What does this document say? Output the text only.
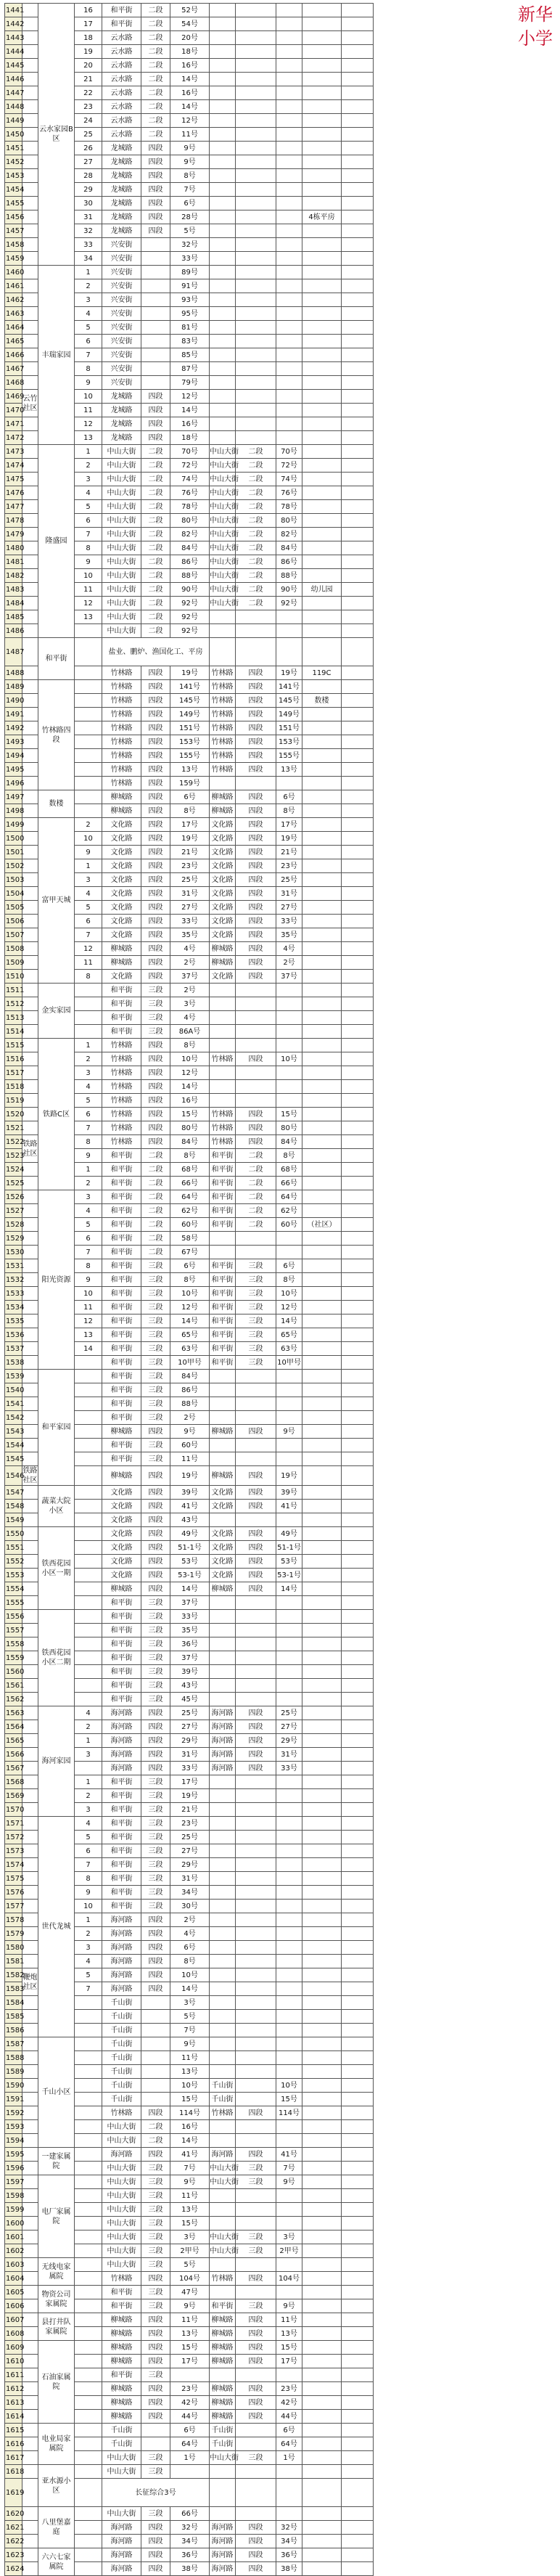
新华
小学
1441		云水家园B区	16	和平街	二段	52号					
1442			17	和平街	二段	54号					
1443			18	云水路	二段	20号					
1444			19	云水路	二段	18号					
1445			20	云水路	二段	16号					
1446			21	云水路	二段	14号					
1447			22	云水路	二段	16号					
1448			23	云水路	二段	14号					
1449			24	云水路	二段	12号					
1450			25	云水路	二段	11号					
1451			26	龙城路	四段	9号					
1452			27	龙城路	四段	9号					
1453			28	龙城路	四段	8号					
1454			29	龙城路	四段	7号					
1455			30	龙城路	四段	6号					
1456			31	龙城路	四段	28号				4栋平房	
1457			32	龙城路	四段	5号					
1458			33	兴安街		32号					
1459			34	兴安街		33号					
1460		丰瑞家园	1	兴安街		89号					
1461			2	兴安街		91号					
1462			3	兴安街		93号					
1463			4	兴安街		95号					
1464			5	兴安街		81号					
1465			6	兴安街		83号					
1466			7	兴安街		85号					
1467			8	兴安街		87号					
1468			9	兴安街		79号					
1469	云竹社区		10	龙城路	四段	12号					
1470			11	龙城路	四段	14号					
1471			12	龙城路	四段	16号					
1472			13	龙城路	四段	18号					
1473		隆盛园	1	中山大街	二段	70号	中山大街	二段	70号		
1474			2	中山大街	二段	72号	中山大街	二段	72号		
1475			3	中山大街	二段	74号	中山大街	二段	74号		
1476			4	中山大街	二段	76号	中山大街	二段	76号		
1477			5	中山大街	二段	78号	中山大街	二段	78号		
1478			6	中山大街	二段	80号	中山大街	二段	80号		
1479			7	中山大街	二段	82号	中山大街	二段	82号		
1480			8	中山大街	二段	84号	中山大街	二段	84号		
1481			9	中山大街	二段	86号	中山大街	二段	86号		
1482			10	中山大街	二段	88号	中山大街	二段	88号		
1483			11	中山大街	二段	90号	中山大街	二段	90号	幼儿园	
1484			12	中山大街	二段	92号	中山大街	二段	92号		
1485			13	中山大街	二段	92号					
1486				中山大街	二段	92号					
1487		和平街		盐业、鹏炉、渔国化工、平房							
1488				竹林路	四段	19号	竹林路	四段	19号	119C	
1489		竹林路四段		竹林路	四段	141号	竹林路	四段	141号		
1490				竹林路	四段	145号	竹林路	四段	145号	数楼	
1491				竹林路	四段	149号	竹林路	四段	149号		
1492				竹林路	四段	151号	竹林路	四段	151号		
1493				竹林路	四段	153号	竹林路	四段	153号		
1494				竹林路	四段	155号	竹林路	四段	155号		
1495				竹林路	四段	13号	竹林路	四段	13号		
1496				竹林路	四段	159号					
1497		数楼		柳城路	四段	6号	柳城路	四段	6号		
1498				柳城路	四段	8号	柳城路	四段	8号		
1499		富甲天城	2	文化路	四段	17号	文化路	四段	17号		
1500			10	文化路	四段	19号	文化路	四段	19号		
1501			9	文化路	四段	21号	文化路	四段	21号		
1502			1	文化路	四段	23号	文化路	四段	23号		
1503			3	文化路	四段	25号	文化路	四段	25号		
1504			4	文化路	四段	31号	文化路	四段	31号		
1505			5	文化路	四段	27号	文化路	四段	27号		
1506			6	文化路	四段	33号	文化路	四段	33号		
1507			7	文化路	四段	35号	文化路	四段	35号		
1508			12	柳城路	四段	4号	柳城路	四段	4号		
1509			11	柳城路	四段	2号	柳城路	四段	2号		
1510			8	文化路	四段	37号	文化路	四段	37号		
1511		金实家园		和平街	三段	2号					
1512				和平街	三段	3号					
1513				和平街	三段	4号					
1514				和平街	三段	86A号					
1515		铁路C区	1	竹林路	四段	8号					
1516			2	竹林路	四段	10号	竹林路	四段	10号		
1517			3	竹林路	四段	12号					
1518			4	竹林路	四段	14号					
1519			5	竹林路	四段	16号					
1520			6	竹林路	四段	15号	竹林路	四段	15号		
1521			7	竹林路	四段	80号	竹林路	四段	80号		
1522	铁路社区		8	竹林路	四段	84号	竹林路	四段	84号		
1523			9	和平街	二段	8号	和平街	二段	8号		
1524			1	和平街	二段	68号	和平街	二段	68号		
1525			2	和平街	二段	66号	和平街	二段	66号		
1526		阳光资源	3	和平街	二段	64号	和平街	二段	64号		
1527			4	和平街	二段	62号	和平街	二段	62号		
1528			5	和平街	二段	60号	和平街	二段	60号	（社区）	
1529			6	和平街	二段	58号					
1530			7	和平街	二段	67号					
1531			8	和平街	三段	6号	和平街	三段	6号		
1532			9	和平街	三段	8号	和平街	三段	8号		
1533			10	和平街	三段	10号	和平街	三段	10号		
1534			11	和平街	三段	12号	和平街	三段	12号		
1535			12	和平街	三段	14号	和平街	三段	14号		
1536			13	和平街	三段	65号	和平街	三段	65号		
1537			14	和平街	三段	63号	和平街	三段	63号		
1538				和平街	三段	10甲号	和平街	三段	10甲号		
1539		和平家园		和平街	三段	84号					
1540				和平街	三段	86号					
1541				和平街	三段	88号					
1542				和平街	三段	2号					
1543				柳城路	四段	9号	柳城路	四段	9号		
1544				和平街	三段	60号					
1545				和平街	三段	11号					
1546	铁路社区			柳城路	四段	19号	柳城路	四段	19号		
1547		蔬菜大院小区		文化路	四段	39号	文化路	四段	39号		
1548				文化路	四段	41号	文化路	四段	41号		
1549				文化路	四段	43号					
1550		铁西花园小区一期		文化路	四段	49号	文化路	四段	49号		
1551				文化路	四段	51-1号	文化路	四段	51-1号		
1552				文化路	四段	53号	文化路	四段	53号		
1553				文化路	四段	53-1号	文化路	四段	53-1号		
1554				柳城路	四段	14号	柳城路	四段	14号		
1555				和平街	三段	37号					
1556		铁西花园小区二期		和平街	三段	33号					
1557				和平街	三段	35号					
1558				和平街	三段	36号					
1559				和平街	三段	37号					
1560				和平街	三段	39号					
1561				和平街	三段	43号					
1562				和平街	三段	45号					
1563		海河家园	4	海河路	四段	25号	海河路	四段	25号		
1564			2	海河路	四段	27号	海河路	四段	27号		
1565			1	海河路	四段	29号	海河路	四段	29号		
1566			3	海河路	四段	31号	海河路	四段	31号		
1567				海河路	四段	33号	海河路	四段	33号		
1568			1	和平街	三段	17号					
1569			2	和平街	三段	19号					
1570			3	和平街	三段	21号					
1571		世代龙城	4	和平街	三段	23号					
1572			5	和平街	三段	25号					
1573			6	和平街	三段	27号					
1574			7	和平街	三段	29号					
1575			8	和平街	三段	31号					
1576			9	和平街	三段	34号					
1577			10	和平街	三段	30号					
1578			1	海河路	四段	2号					
1579			2	海河路	四段	4号					
1580			3	海河路	四段	6号					
1581			4	海河路	四段	8号					
1582	鞭炮社区		5	海河路	四段	10号					
1583			7	海河路	四段	14号					
1584				千山街		3号					
1585				千山街		5号					
1586				千山街		7号					
1587		千山小区		千山街		9号					
1588				千山街		11号					
1589				千山街		13号					
1590				千山街		10号	千山街		10号		
1591				千山街		15号	千山街		15号		
1592				竹林路	四段	114号	竹林路	四段	114号		
1593				中山大街	二段	16号					
1594				中山大街	二段	14号					
1595		一建家属院		海河路	四段	41号	海河路	四段	41号		
1596				中山大街	三段	7号	中山大街	三段	7号		
1597		电厂家属院		中山大街	三段	9号	中山大街	三段	9号		
1598				中山大街	三段	11号					
1599				中山大街	三段	13号					
1600				中山大街	三段	15号					
1601				中山大街	三段	3号	中山大街	三段	3号		
1602				中山大街	三段	2甲号	中山大街	三段	2甲号		
1603		无线电家属院		中山大街	三段	5号					
1604				竹林路	四段	104号	竹林路	四段	104号		
1605		物资公司家属院		和平街	三段	47号					
1606				和平街	三段	9号	和平街	三段	9号		
1607		县打井队家属院		柳城路	四段	11号	柳城路	四段	11号		
1608				柳城路	四段	13号	柳城路	四段	13号		
1609		石油家属院		柳城路	四段	15号	柳城路	四段	15号		
1610				柳城路	四段	17号	柳城路	四段	17号		
1611				和平街	三段						
1612				柳城路	四段	23号	柳城路	四段	23号		
1613				柳城路	四段	42号	柳城路	四段	42号		
1614				柳城路	四段	44号	柳城路	四段	44号		
1615		电业局家属院		千山街		6号	千山街		6号		
1616				千山街		64号	千山街		64号		
1617				中山大街	三段	1号	中山大街	三段	1号		
1618		亚水源小区		中山大街	三段						
1619				长征综合3号							
1620		八里堡嘉庭		中山大街	三段	66号					
1621				海河路	四段	32号	海河路	四段	32号		
1622				海河路	四段	34号	海河路	四段	34号		
1623		六六七家属院		海河路	四段	36号	海河路	四段	36号		
1624				海河路	四段	38号	海河路	四段	38号		
